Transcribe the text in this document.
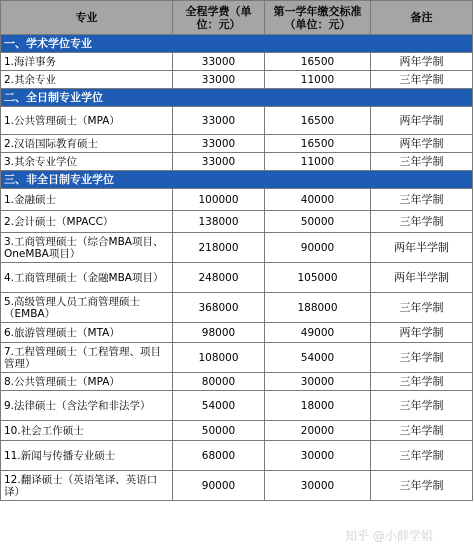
专业	全程学费（单位：元）	第一学年缴交标准（单位：元）	备注
一、学术学位专业			
1.海洋事务	33000	16500	两年学制
2.其余专业	33000	11000	三年学制
二、全日制专业学位			
1.公共管理硕士（MPA）	33000	16500	两年学制
2.汉语国际教育硕士	33000	16500	两年学制
3.其余专业学位	33000	11000	三年学制
三、非全日制专业学位			
1.金融硕士	100000	40000	三年学制
2.会计硕士（MPACC）	138000	50000	三年学制
3.工商管理硕士（综合MBA项目、OneMBA项目）	218000	90000	两年半学制
4.工商管理硕士（金融MBA项目）	248000	105000	两年半学制
5.高级管理人员工商管理硕士（EMBA）	368000	188000	三年学制
6.旅游管理硕士（MTA）	98000	49000	两年学制
7.工程管理硕士（工程管理、项目管理）	108000	54000	三年学制
8.公共管理硕士（MPA）	80000	30000	三年学制
9.法律硕士（含法学和非法学）	54000	18000	三年学制
10.社会工作硕士	50000	20000	三年学制
11.新闻与传播专业硕士	68000	30000	三年学制
12.翻译硕士（英语笔译、英语口译）	90000	30000	三年学制
知乎 @小薛学姐
